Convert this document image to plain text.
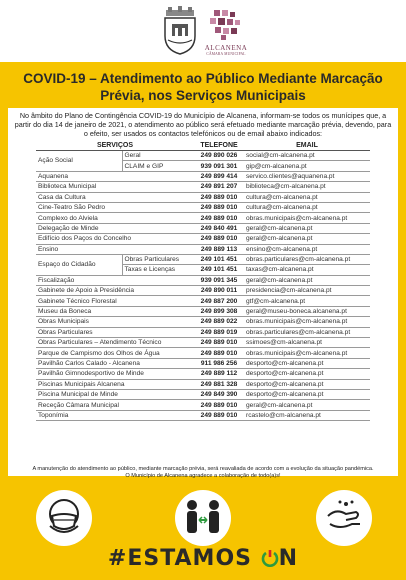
ALCANENA
CÂMARA MUNICIPAL
COVID-19 – Atendimento ao Público Mediante Marcação
Prévia, nos Serviços Municipais
No âmbito do Plano de Contingência COVID-19 do Município de Alcanena, informam-se todos os munícipes que, a partir do dia 14 de janeiro de 2021, o atendimento ao público será efetuado mediante marcação prévia, devendo, para o efeito, ser usados os contactos telefónicos ou de email abaixo indicados:
SERVIÇOS		TELEFONE	EMAIL
Ação Social	Geral	249 890 026	social@cm-alcanena.pt
	CLAIM e GIP	939 091 301	gip@cm-alcanena.pt
Aquanena		249 899 414	servico.clientes@aquanena.pt
Biblioteca Municipal		249 891 207	biblioteca@cm-alcanena.pt
Casa da Cultura		249 889 010	cultura@cm-alcanena.pt
Cine-Teatro São Pedro		249 889 010	cultura@cm-alcanena.pt
Complexo do Alviela		249 889 010	obras.municipais@cm-alcanena.pt
Delegação de Minde		249 840 491	geral@cm-alcanena.pt
Edifício dos Paços do Concelho		249 889 010	geral@cm-alcanena.pt
Ensino		249 889 113	ensino@cm-alcanena.pt
Espaço do Cidadão	Obras Particulares	249 101 451	obras.particulares@cm-alcanena.pt
	Taxas e Licenças	249 101 451	taxas@cm-alcanena.pt
Fiscalização		939 091 345	geral@cm-alcanena.pt
Gabinete de Apoio à Presidência		249 890 011	presidencia@cm-alcanena.pt
Gabinete Técnico Florestal		249 887 200	gtf@cm-alcanena.pt
Museu da Boneca		249 899 308	geral@museu-boneca.alcanena.pt
Obras Municipais		249 889 022	obras.municipais@cm-alcanena.pt
Obras Particulares		249 889 019	obras.particulares@cm-alcanena.pt
Obras Particulares – Atendimento Técnico		249 889 010	ssimoes@cm-alcanena.pt
Parque de Campismo dos Olhos de Água		249 889 010	obras.municipais@cm-alcanena.pt
Pavilhão Carlos Calado - Alcanena		911 986 256	desporto@cm-alcanena.pt
Pavilhão Gimnodesportivo de Minde		249 889 112	desporto@cm-alcanena.pt
Piscinas Municipais Alcanena		249 881 328	desporto@cm-alcanena.pt
Piscina Municipal de Minde		249 849 390	desporto@cm-alcanena.pt
Receção Câmara Municipal		249 889 010	geral@cm-alcanena.pt
Toponímia		249 889 010	rcastelo@cm-alcanena.pt
A manutenção do atendimento ao público, mediante marcação prévia, será reavaliada de acordo com a evolução da situação pandémica.
O Município de Alcanena agradece a colaboração de todo(a)s!
#ESTAMOS N
